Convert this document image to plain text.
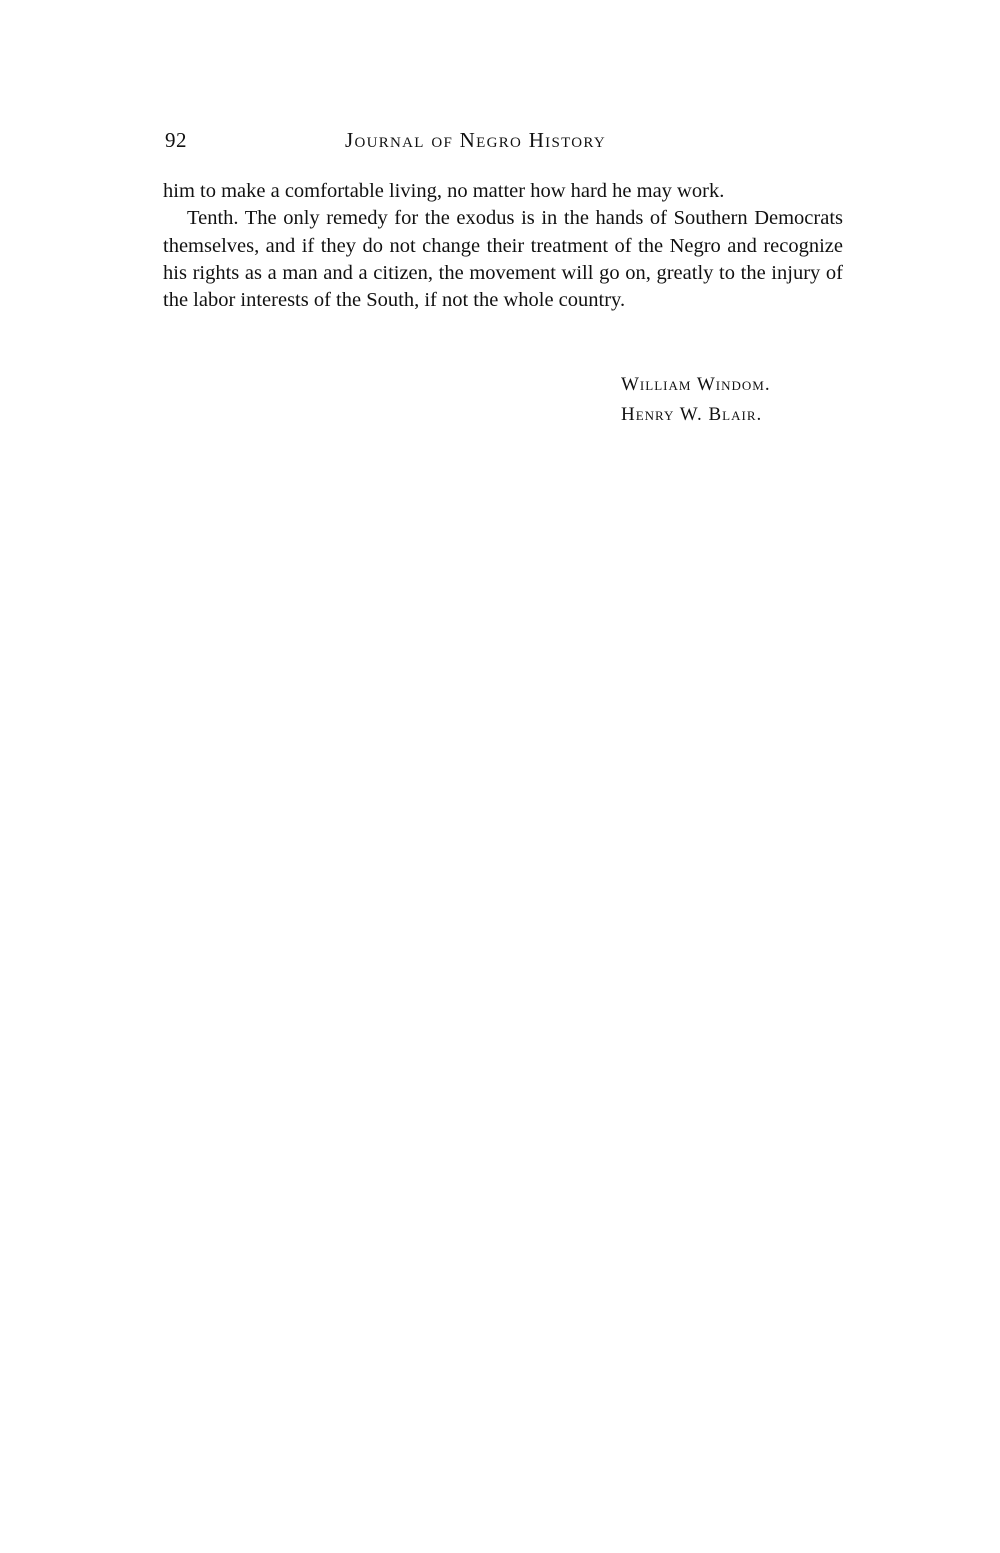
92	Journal of Negro History

him to make a comfortable living, no matter how hard he may work.

Tenth. The only remedy for the exodus is in the hands of Southern Democrats themselves, and if they do not change their treatment of the Negro and recognize his rights as a man and a citizen, the movement will go on, greatly to the injury of the labor interests of the South, if not the whole country.

William Windom.
Henry W. Blair.
